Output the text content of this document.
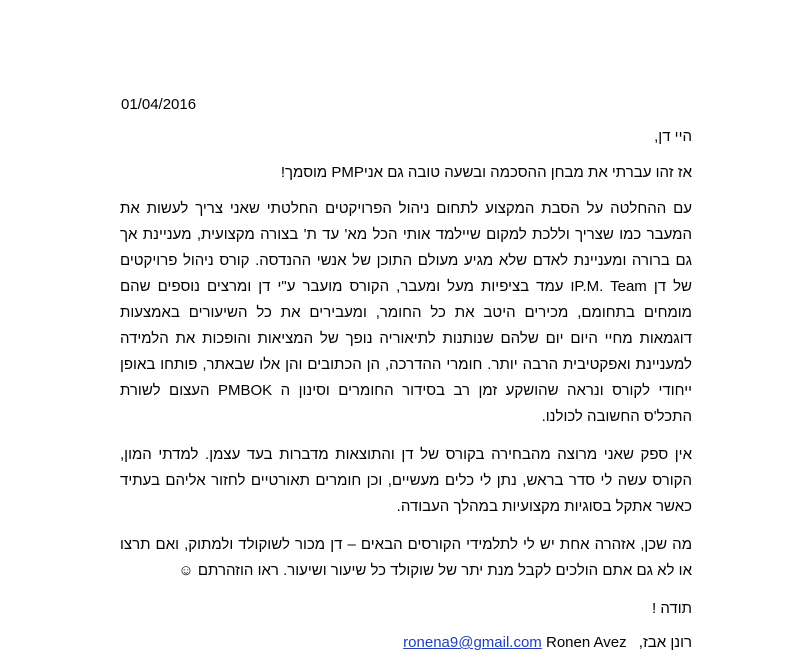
01/04/2016

היי דן,

אז זהו עברתי את מבחן ההסכמה ובשעה טובה גם אניPMP מוסמך!

עם ההחלטה על הסבת המקצוע לתחום ניהול הפרויקטים החלטתי שאני צריך לעשות את המעבר כמו שצריך וללכת למקום שיילמד אותי הכל מא' עד ת' בצורה מקצועית, מעניינת אך גם ברורה ומעניינת לאדם שלא מגיע מעולם התוכן של אנשי ההנדסה. קורס ניהול פרויקטים של דן P.M. Teamו עמד בציפיות מעל ומעבר, הקורס מועבר ע"י דן ומרצים נוספים שהם מומחים בתחומם, מכירים היטב את כל החומר, ומעבירים את כל השיעורים באמצעות דוגמאות מחיי היום יום שלהם שנותנות לתיאוריה נופך של המציאות והופכות את הלמידה למעניינת ואפקטיבית הרבה יותר. חומרי ההדרכה, הן הכתובים והן אלו שבאתר, פותחו באופן ייחודי לקורס ונראה שהושקע זמן רב בסידור החומרים וסינון ה PMBOK העצום לשורת התכל'ס החשובה לכולנו.

אין ספק שאני מרוצה מהבחירה בקורס של דן והתוצאות מדברות בעד עצמן. למדתי המון, הקורס עשה לי סדר בראש, נתן לי כלים מעשיים, וכן חומרים תאורטיים לחזור אליהם בעתיד כאשר אתקל בסוגיות מקצועיות במהלך העבודה.

מה שכן, אזהרה אחת יש לי לתלמידי הקורסים הבאים – דן מכור לשוקולד ולמתוק, ואם תרצו או לא גם אתם הולכים לקבל מנת יתר של שוקולד כל שיעור ושיעור. ראו הוזהרתם ☺

תודה !

רונן אבז, Ronen Avez ronena9@gmail.com
